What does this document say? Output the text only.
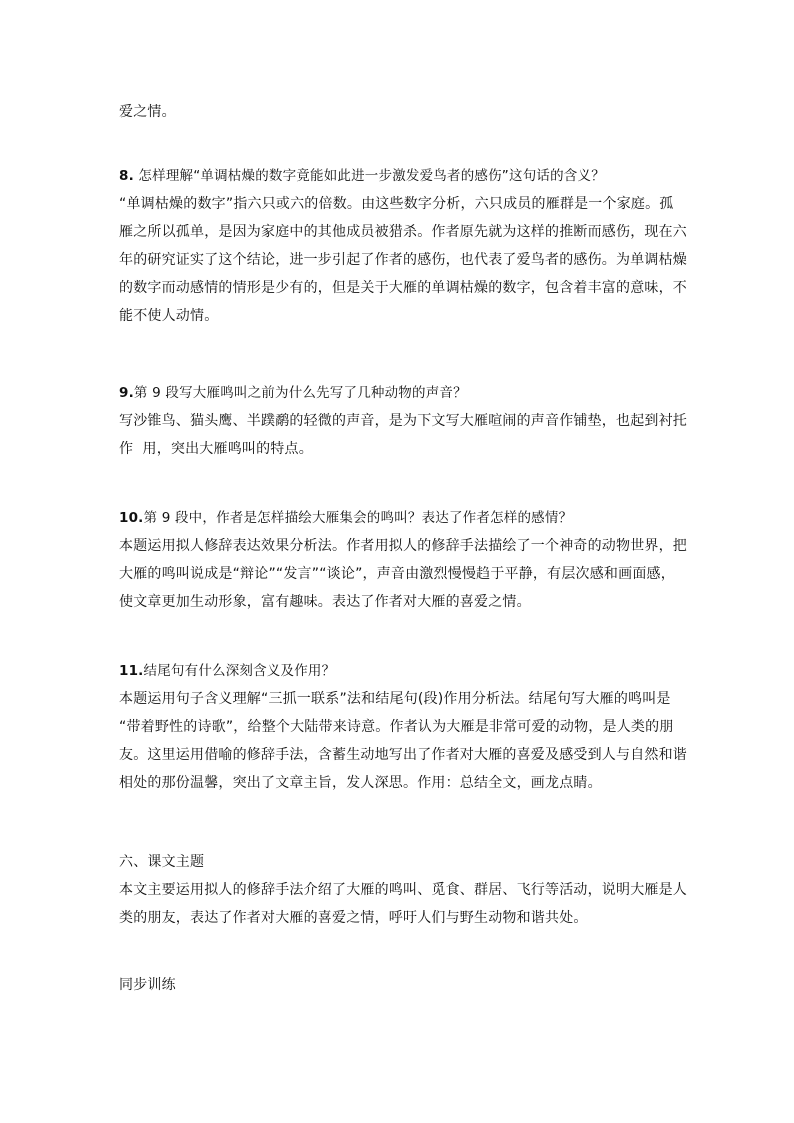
爱之情。
8. 怎样理解“单调枯燥的数字竟能如此进一步激发爱鸟者的感伤”这句话的含义？
“单调枯燥的数字”指六只或六的倍数。由这些数字分析，六只成员的雁群是一个家庭。孤
雁之所以孤单，是因为家庭中的其他成员被猎杀。作者原先就为这样的推断而感伤，现在六
年的研究证实了这个结论，进一步引起了作者的感伤，也代表了爱鸟者的感伤。为单调枯燥
的数字而动感情的情形是少有的，但是关于大雁的单调枯燥的数字，包含着丰富的意味，不
能不使人动情。
9.第 9 段写大雁鸣叫之前为什么先写了几种动物的声音？
写沙锥鸟、猫头鹰、半蹼鹬的轻微的声音，是为下文写大雁喧闹的声音作铺垫，也起到衬托
作  用，突出大雁鸣叫的特点。
10.第 9 段中，作者是怎样描绘大雁集会的鸣叫？表达了作者怎样的感情？
本题运用拟人修辞表达效果分析法。作者用拟人的修辞手法描绘了一个神奇的动物世界，把
大雁的鸣叫说成是“辩论”“发言”“谈论”，声音由激烈慢慢趋于平静，有层次感和画面感，
使文章更加生动形象，富有趣味。表达了作者对大雁的喜爱之情。
11.结尾句有什么深刻含义及作用？
本题运用句子含义理解“三抓一联系”法和结尾句(段)作用分析法。结尾句写大雁的鸣叫是
“带着野性的诗歌”，给整个大陆带来诗意。作者认为大雁是非常可爱的动物，是人类的朋
友。这里运用借喻的修辞手法，含蓄生动地写出了作者对大雁的喜爱及感受到人与自然和谐
相处的那份温馨，突出了文章主旨，发人深思。作用：总结全文，画龙点睛。
六、课文主题
本文主要运用拟人的修辞手法介绍了大雁的鸣叫、觅食、群居、飞行等活动，说明大雁是人
类的朋友，表达了作者对大雁的喜爱之情，呼吁人们与野生动物和谐共处。
同步训练
